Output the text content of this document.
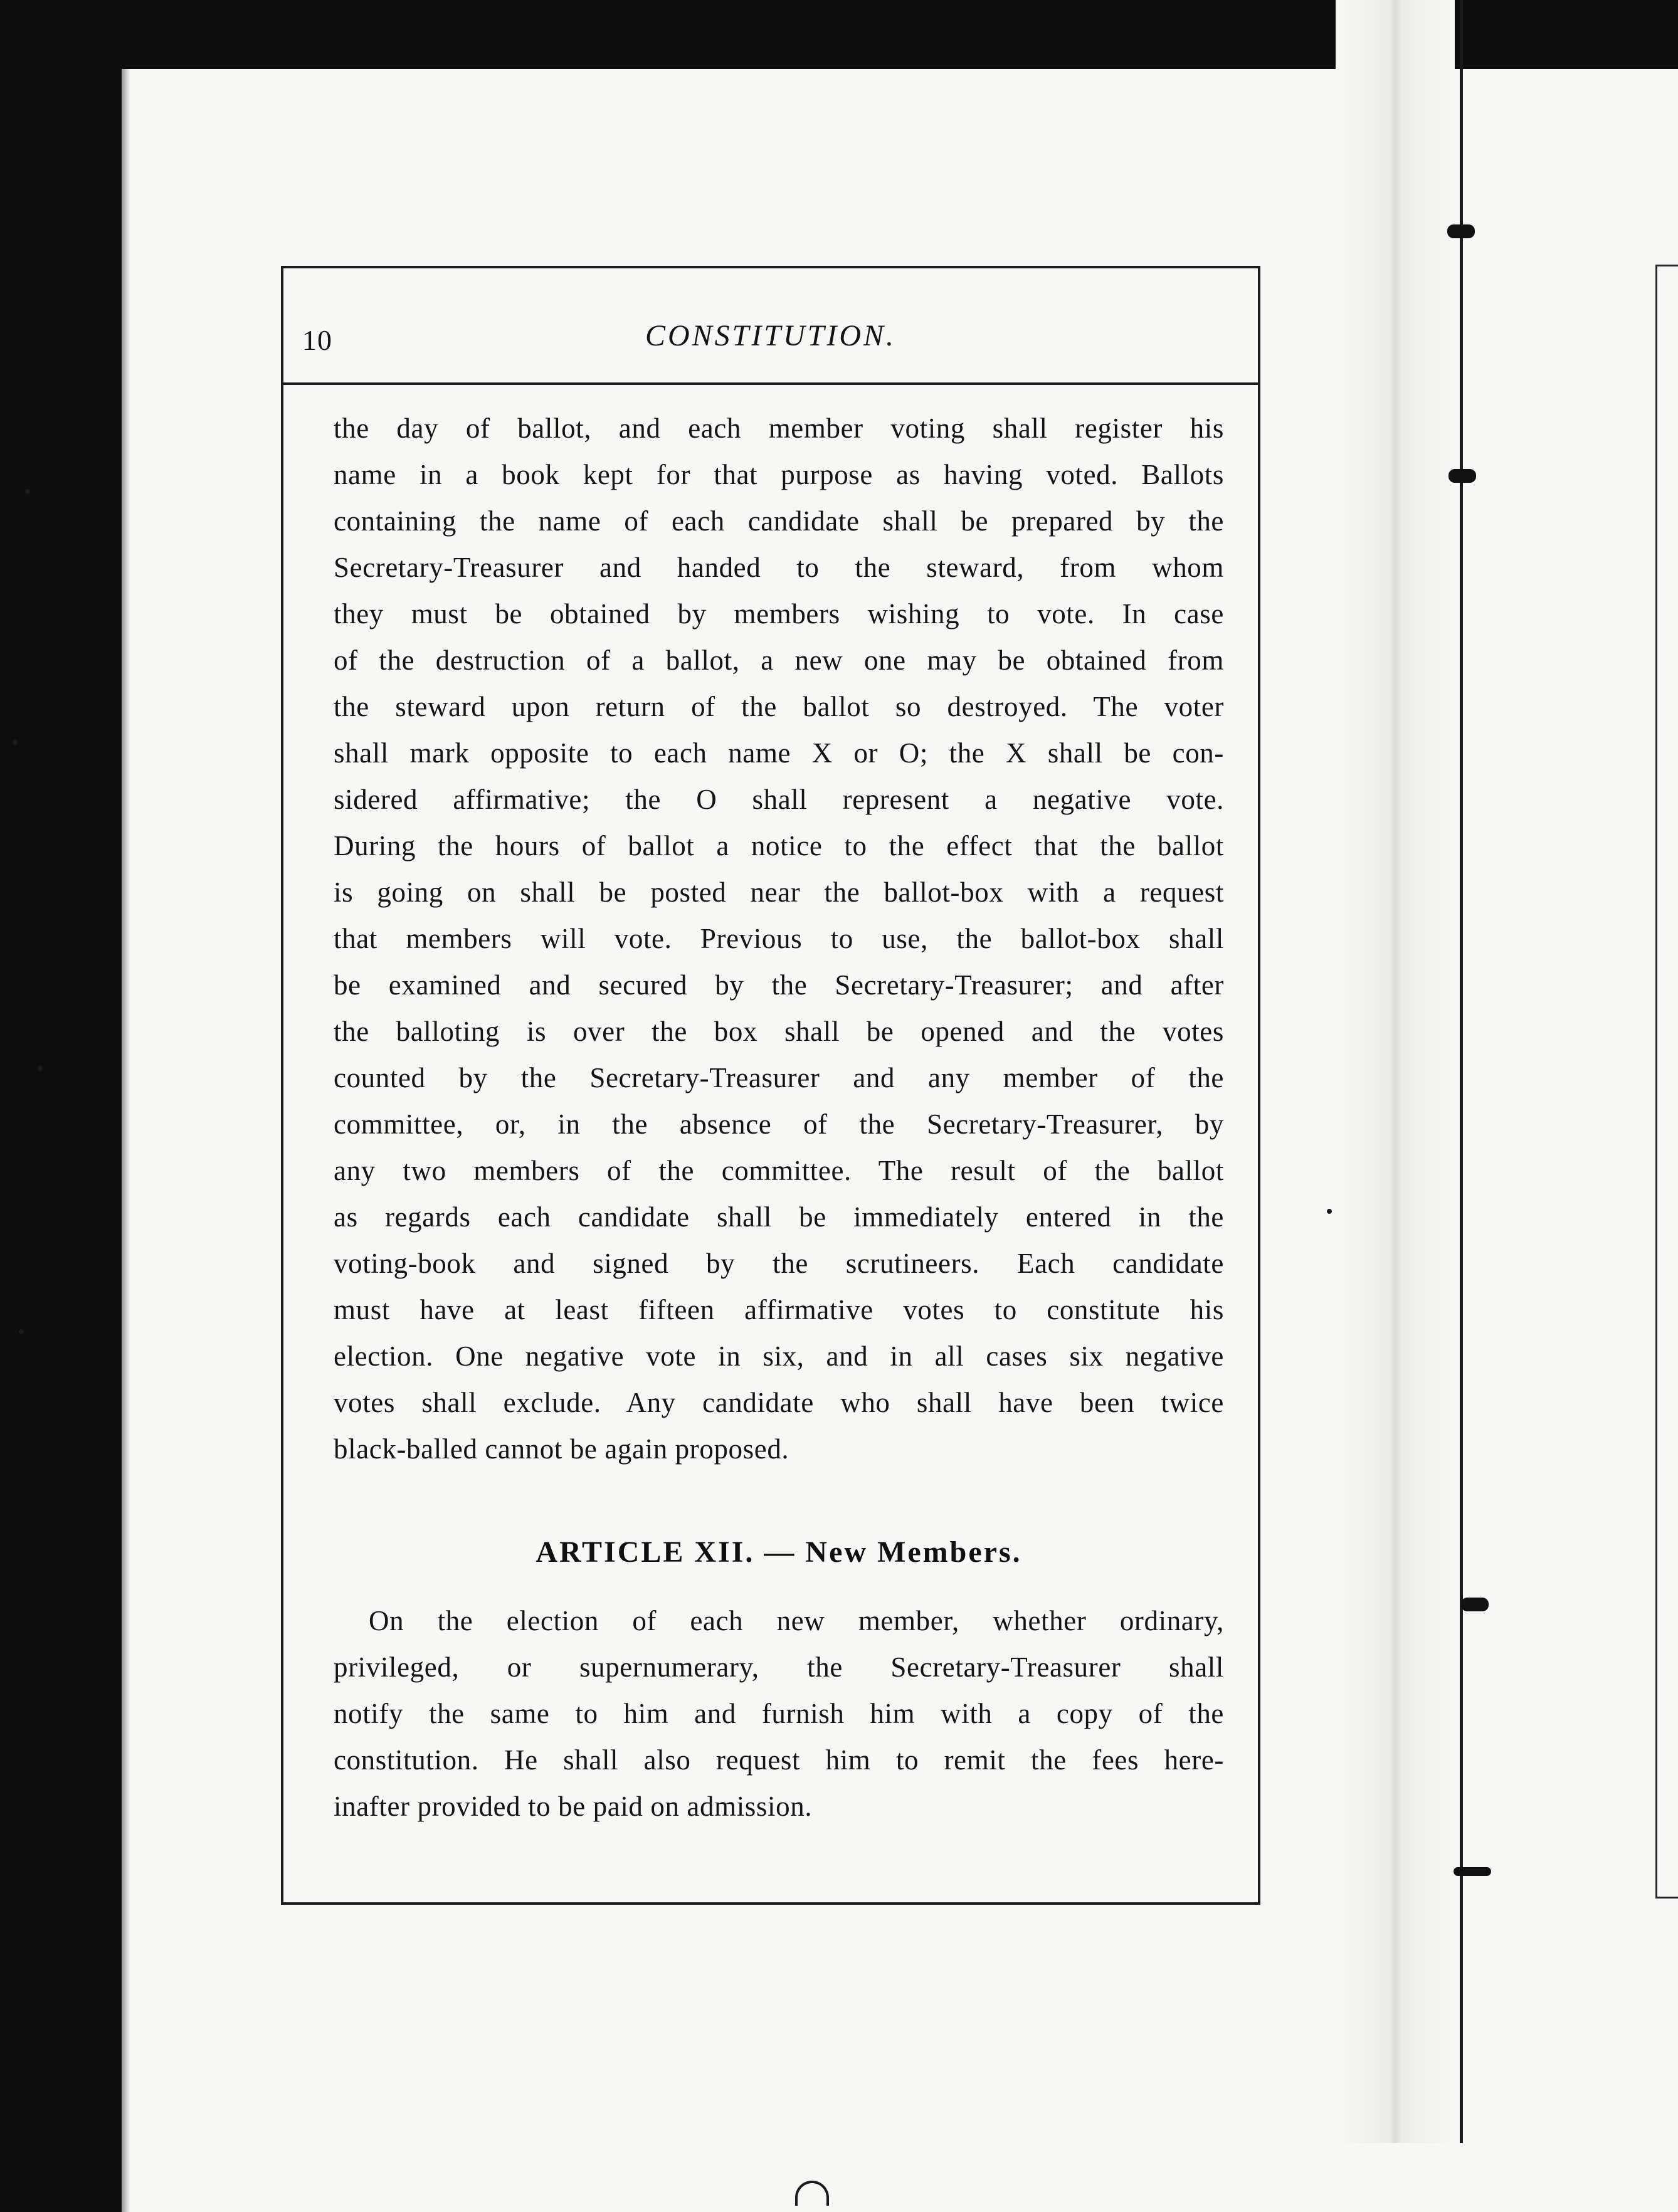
10	CONSTITUTION.
the day of ballot, and each member voting shall register his
name in a book kept for that purpose as having voted. Ballots
containing the name of each candidate shall be prepared by the
Secretary-Treasurer and handed to the steward, from whom
they must be obtained by members wishing to vote. In case
of the destruction of a ballot, a new one may be obtained from
the steward upon return of the ballot so destroyed. The voter
shall mark opposite to each name X or O; the X shall be con-
sidered affirmative; the O shall represent a negative vote.
During the hours of ballot a notice to the effect that the ballot
is going on shall be posted near the ballot-box with a request
that members will vote. Previous to use, the ballot-box shall
be examined and secured by the Secretary-Treasurer; and after
the balloting is over the box shall be opened and the votes
counted by the Secretary-Treasurer and any member of the
committee, or, in the absence of the Secretary-Treasurer, by
any two members of the committee. The result of the ballot
as regards each candidate shall be immediately entered in the
voting-book and signed by the scrutineers. Each candidate
must have at least fifteen affirmative votes to constitute his
election. One negative vote in six, and in all cases six negative
votes shall exclude. Any candidate who shall have been twice
black-balled cannot be again proposed.
ARTICLE XII. — New Members.
On the election of each new member, whether ordinary,
privileged, or supernumerary, the Secretary-Treasurer shall
notify the same to him and furnish him with a copy of the
constitution. He shall also request him to remit the fees here-
inafter provided to be paid on admission.
